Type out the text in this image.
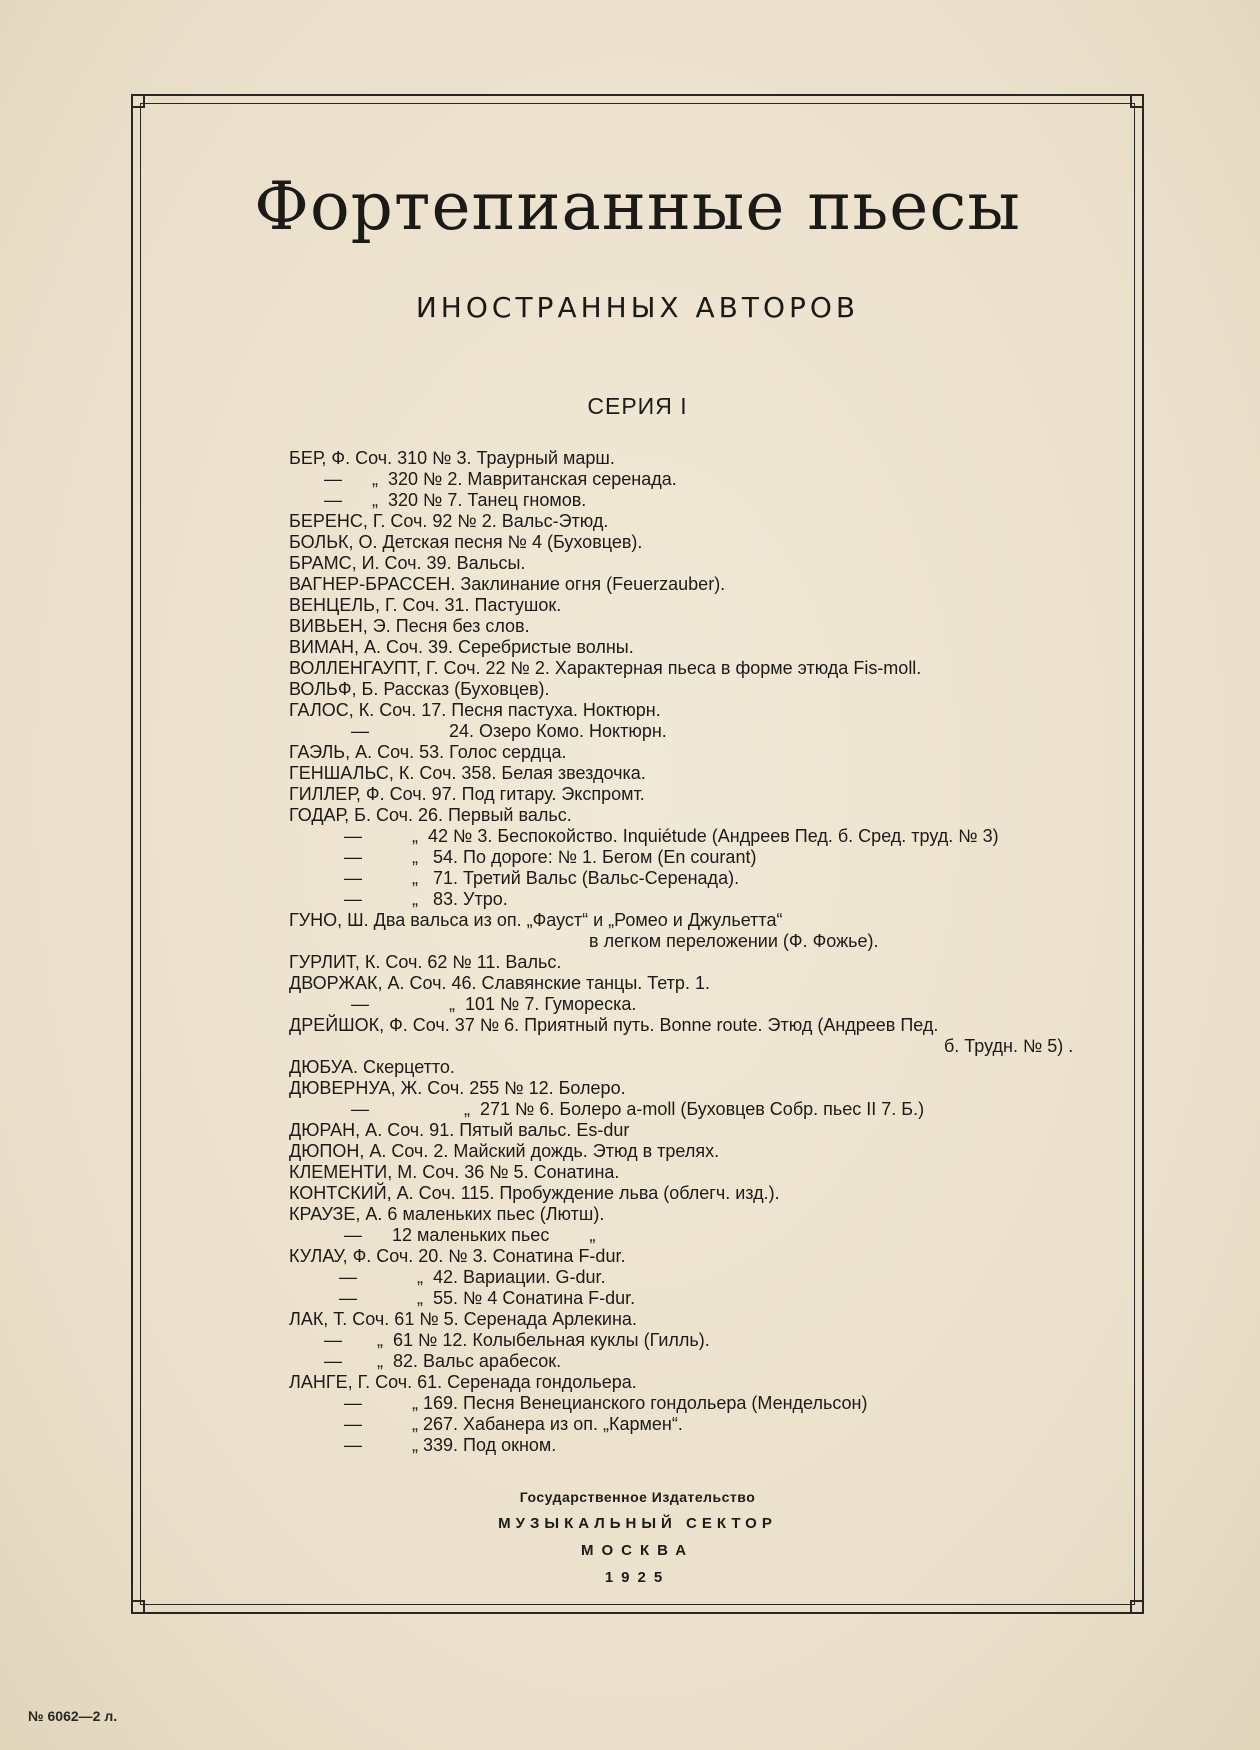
Фортепианные пьесы
ИНОСТРАННЫХ АВТОРОВ
СЕРИЯ I
БЕР, Ф. Соч. 310 № 3. Траурный марш.
—      „  320 № 2. Мавританская серенада.
—      „  320 № 7. Танец гномов.
БЕРЕНС, Г. Соч. 92 № 2. Вальс-Этюд.
БОЛЬК, О. Детская песня № 4 (Буховцев).
БРАМС, И. Соч. 39. Вальсы.
ВАГНЕР-БРАССЕН. Заклинание огня (Feuerzauber).
ВЕНЦЕЛЬ, Г. Соч. 31. Пастушок.
ВИВЬЕН, Э. Песня без слов.
ВИМАН, А. Соч. 39. Серебристые волны.
ВОЛЛЕНГАУПТ, Г. Соч. 22 № 2. Характерная пьеса в форме этюда Fis-moll.
ВОЛЬФ, Б. Рассказ (Буховцев).
ГАЛОС, К. Соч. 17. Песня пастуха. Ноктюрн.
—                24. Озеро Комо. Ноктюрн.
ГАЭЛЬ, А. Соч. 53. Голос сердца.
ГЕНШАЛЬС, К. Соч. 358. Белая звездочка.
ГИЛЛЕР, Ф. Соч. 97. Под гитару. Экспромт.
ГОДАР, Б. Соч. 26. Первый вальс.
—          „  42 № 3. Беспокойство. Inquiétude (Андреев Пед. б. Сред. труд. № 3)
—          „   54. По дороге: № 1. Бегом (En courant)
—          „   71. Третий Вальс (Вальс-Серенада).
—          „   83. Утро.
ГУНО, Ш. Два вальса из оп. „Фауст“ и „Ромео и Джульетта“
в легком переложении (Ф. Фожье).
ГУРЛИТ, К. Соч. 62 № 11. Вальс.
ДВОРЖАК, А. Соч. 46. Славянские танцы. Тетр. 1.
—                „  101 № 7. Гуморeска.
ДРЕЙШОК, Ф. Соч. 37 № 6. Приятный путь. Bonne route. Этюд (Андреев Пед.
б. Трудн. № 5) .
ДЮБУА. Скерцетто.
ДЮВЕРНУА, Ж. Соч. 255 № 12. Болеро.
—                   „  271 № 6. Болеро a-moll (Буховцев Собр. пьес II 7. Б.)
ДЮРАН, А. Соч. 91. Пятый вальс. Es-dur
ДЮПОН, А. Соч. 2. Майский дождь. Этюд в трелях.
КЛЕМЕНТИ, М. Соч. 36 № 5. Сонатина.
КОНТСКИЙ, А. Соч. 115. Пробуждение льва (облегч. изд.).
КРАУЗЕ, А. 6 маленьких пьес (Лютш).
—      12 маленьких пьес        „
КУЛАУ, Ф. Соч. 20. № 3. Сонатина F-dur.
—            „  42. Вариации. G-dur.
—            „  55. № 4 Сонатина F-dur.
ЛАК, Т. Соч. 61 № 5. Серенада Арлекина.
—       „  61 № 12. Колыбельная куклы (Гилль).
—       „  82. Вальс арабесок.
ЛАНГЕ, Г. Соч. 61. Серенада гондольера.
—          „ 169. Песня Венецианского гондольера (Мендельсон)
—          „ 267. Хабанера из оп. „Кармен“.
—          „ 339. Под окном.
Государственное Издательство
МУЗЫКАЛЬНЫЙ СЕКТОР
МОСКВА
1925
№ 6062—2 л.
